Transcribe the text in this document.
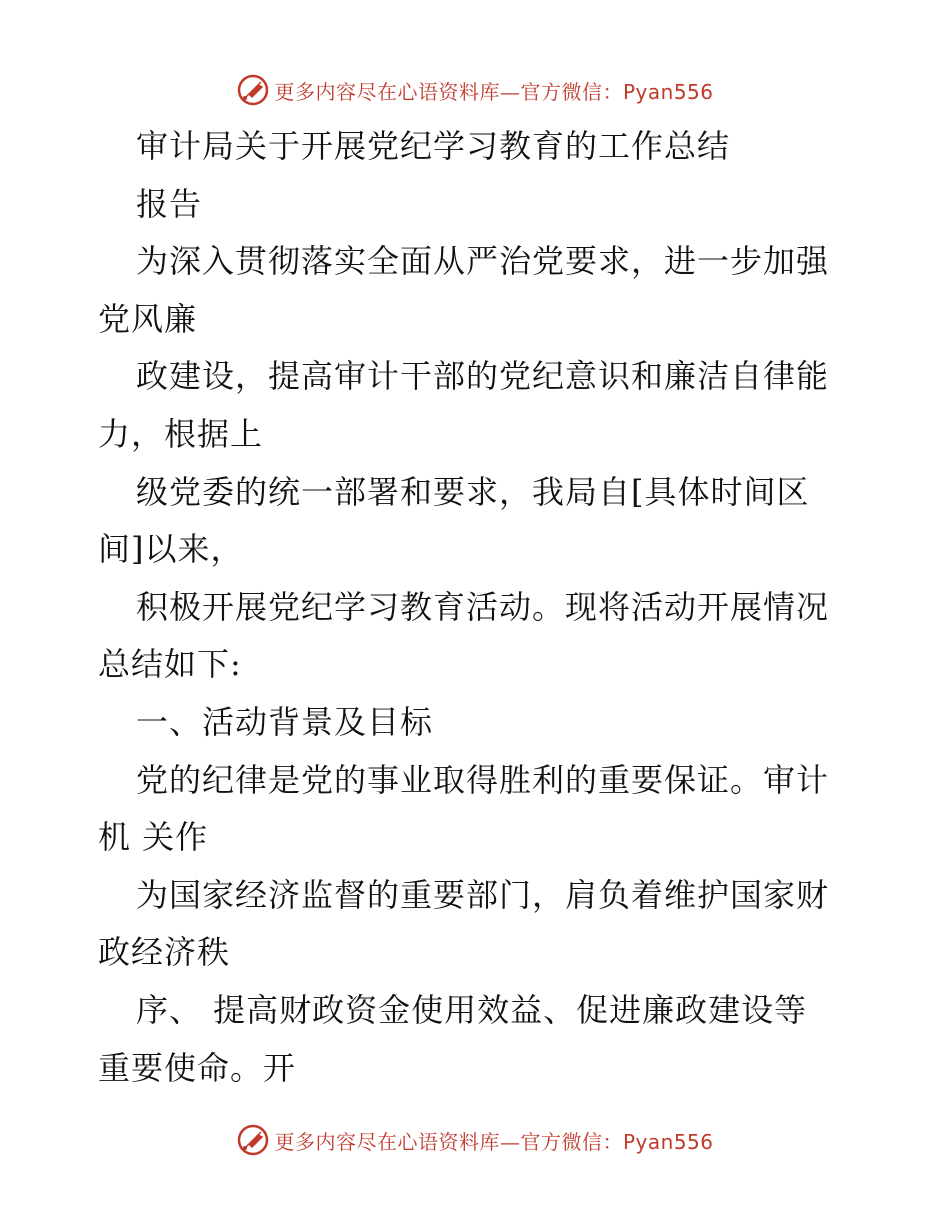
更多内容尽在心语资料库—官方微信：Pyan556
审计局关于开展党纪学习教育的工作总结
报告
为深入贯彻落实全面从严治党要求，进一步加强
党风廉
政建设，提高审计干部的党纪意识和廉洁自律能
力，根据上
级党委的统一部署和要求，我局自[具体时间区
间]以来，
积极开展党纪学习教育活动。现将活动开展情况
总结如下:
一、活动背景及目标
党的纪律是党的事业取得胜利的重要保证。审计
机 关作
为国家经济监督的重要部门，肩负着维护国家财
政经济秩
序、 提高财政资金使用效益、促进廉政建设等
重要使命。开
更多内容尽在心语资料库—官方微信：Pyan556
